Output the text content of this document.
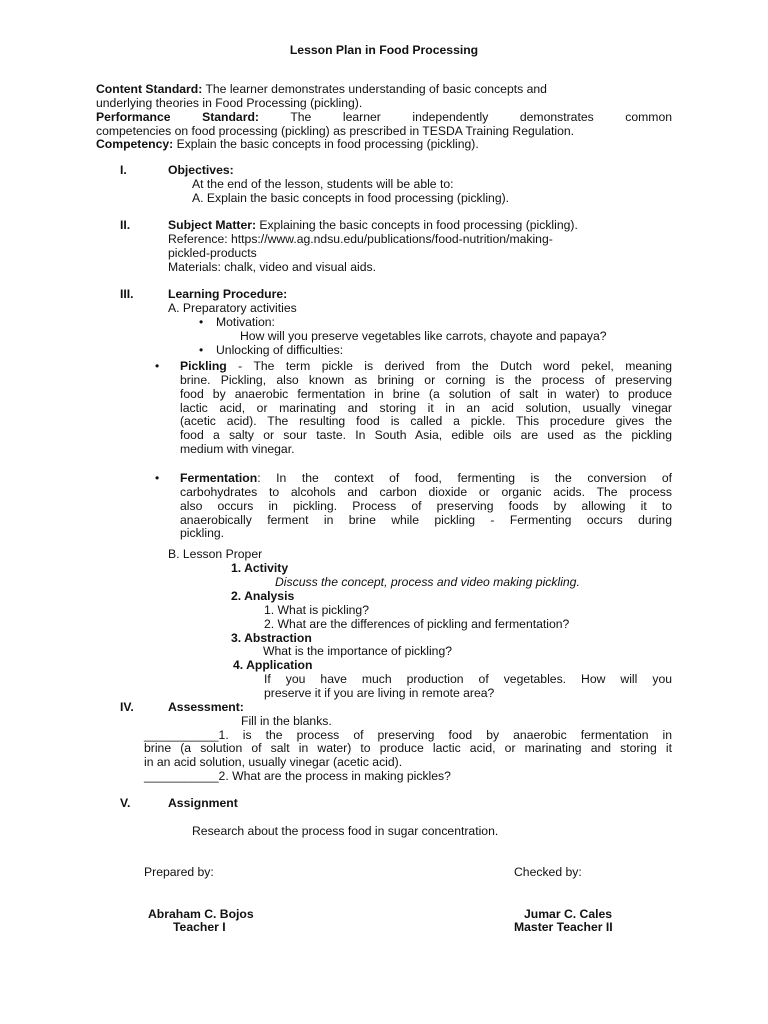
Lesson Plan in Food Processing
Content Standard: The learner demonstrates understanding of basic concepts and
underlying theories in Food Processing (pickling).
Performance Standard: The learner independently demonstrates common
competencies on food processing (pickling) as prescribed in TESDA Training Regulation.
Competency: Explain the basic concepts in food processing (pickling).
I.	Objectives:
At the end of the lesson, students will be able to:
A. Explain the basic concepts in food processing (pickling).
II.	Subject Matter: Explaining the basic concepts in food processing (pickling).
Reference: https://www.ag.ndsu.edu/publications/food-nutrition/making-
pickled-products
Materials: chalk, video and visual aids.
III.	Learning Procedure:
A. Preparatory activities
• Motivation:
How will you preserve vegetables like carrots, chayote and papaya?
• Unlocking of difficulties:
• Pickling - The term pickle is derived from the Dutch word pekel, meaning
brine. Pickling, also known as brining or corning is the process of preserving
food by anaerobic fermentation in brine (a solution of salt in water) to produce
lactic acid, or marinating and storing it in an acid solution, usually vinegar
(acetic acid). The resulting food is called a pickle. This procedure gives the
food a salty or sour taste. In South Asia, edible oils are used as the pickling
medium with vinegar.
• Fermentation: In the context of food, fermenting is the conversion of
carbohydrates to alcohols and carbon dioxide or organic acids. The process
also occurs in pickling. Process of preserving foods by allowing it to
anaerobically ferment in brine while pickling - Fermenting occurs during
pickling.
B. Lesson Proper
1. Activity
Discuss the concept, process and video making pickling.
2. Analysis
1. What is pickling?
2. What are the differences of pickling and fermentation?
3. Abstraction
What is the importance of pickling?
4. Application
If you have much production of vegetables. How will you
preserve it if you are living in remote area?
IV.	Assessment:
Fill in the blanks.
___________1. is the process of preserving food by anaerobic fermentation in
brine (a solution of salt in water) to produce lactic acid, or marinating and storing it
in an acid solution, usually vinegar (acetic acid).
___________2. What are the process in making pickles?
V.	Assignment
Research about the process food in sugar concentration.
Prepared by:	Checked by:
Abraham C. Bojos
Teacher I
Jumar C. Cales
Master Teacher II
